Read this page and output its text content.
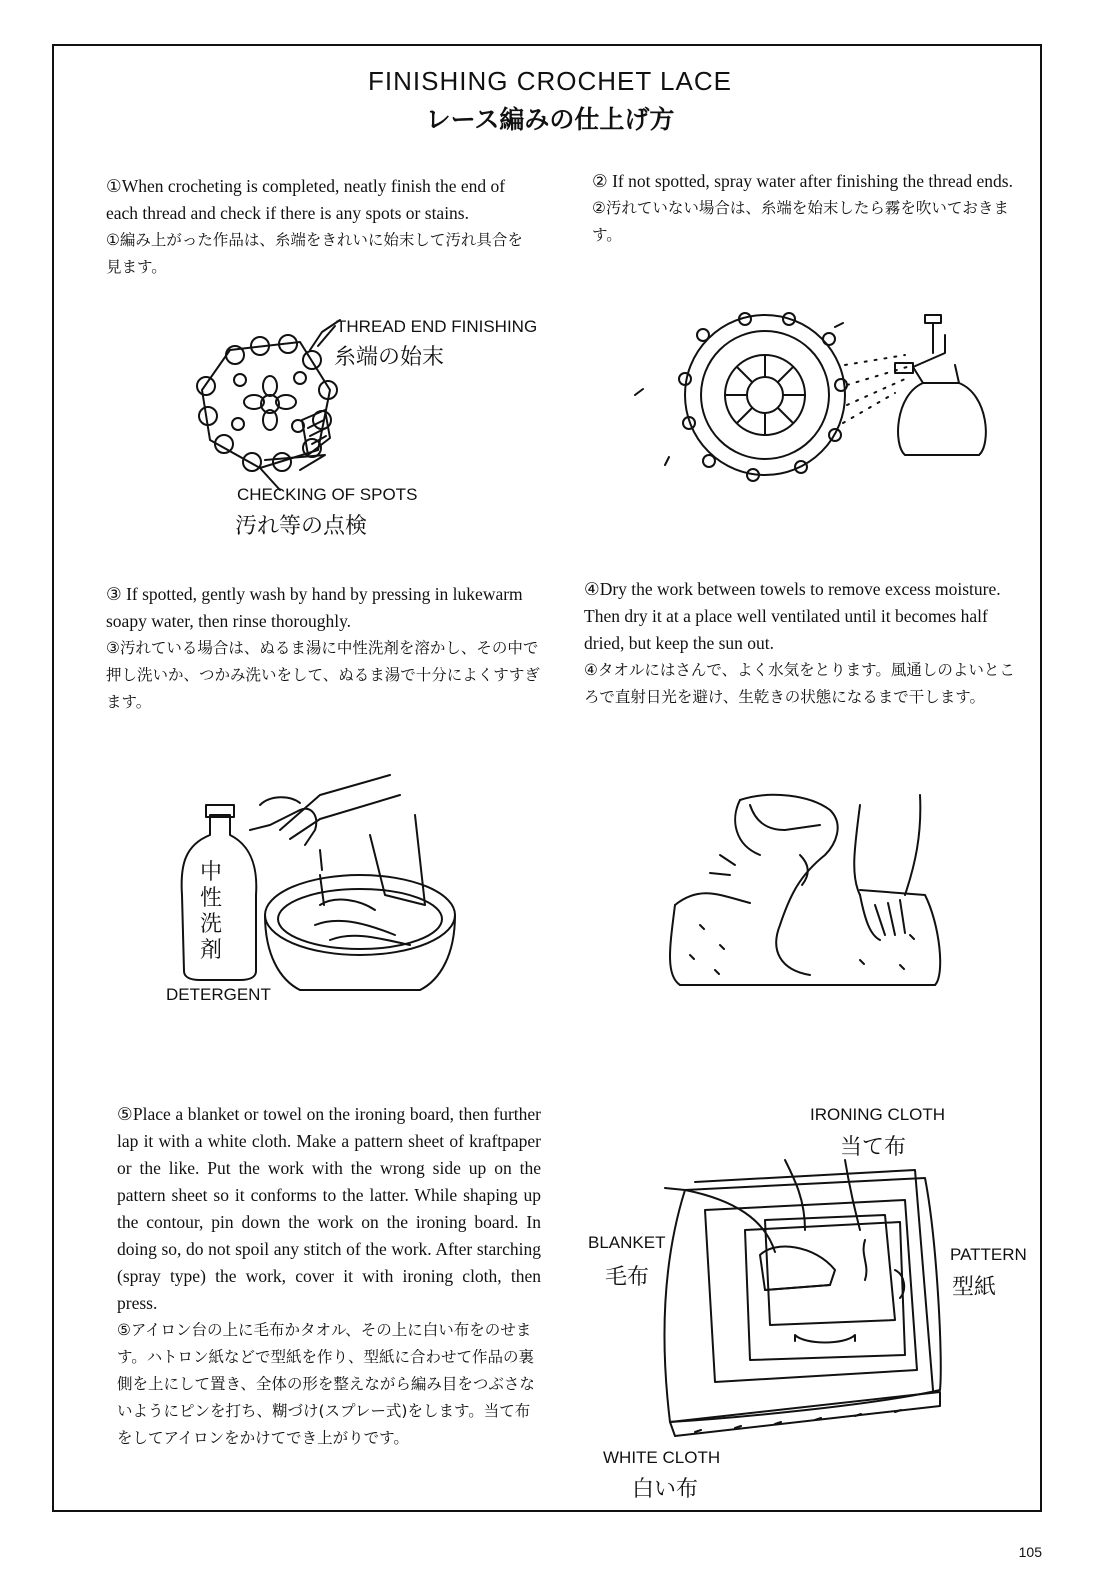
FINISHING CROCHET LACE
レース編みの仕上げ方

①When crocheting is completed, neatly finish the end of each thread and check if there is any spots or stains.

①編み上がった作品は、糸端をきれいに始末して汚れ具合を見ます。

② If not spotted, spray water after finishing the thread ends.

②汚れていない場合は、糸端を始末したら霧を吹いておきます。

THREAD END FINISHING
糸端の始末
CHECKING OF SPOTS
汚れ等の点検

③ If spotted, gently wash by hand by pressing in lukewarm soapy water, then rinse thoroughly.

③汚れている場合は、ぬるま湯に中性洗剤を溶かし、その中で押し洗いか、つかみ洗いをして、ぬるま湯で十分によくすすぎます。

④Dry the work between towels to remove excess moisture. Then dry it at a place well ventilated until it becomes half dried, but keep the sun out.

④タオルにはさんで、よく水気をとります。風通しのよいところで直射日光を避け、生乾きの状態になるまで干します。

中性洗剤
DETERGENT

⑤Place a blanket or towel on the ironing board, then further lap it with a white cloth. Make a pattern sheet of kraftpaper or the like. Put the work with the wrong side up on the pattern sheet so it conforms to the latter. While shaping up the contour, pin down the work on the ironing board. In doing so, do not spoil any stitch of the work. After starching (spray type) the work, cover it with ironing cloth, then press.

⑤アイロン台の上に毛布かタオル、その上に白い布をのせます。ハトロン紙などで型紙を作り、型紙に合わせて作品の裏側を上にして置き、全体の形を整えながら編み目をつぶさないようにピンを打ち、糊づけ(スプレー式)をします。当て布をしてアイロンをかけてでき上がりです。

IRONING CLOTH
当て布
BLANKET
毛布
PATTERN
型紙
WHITE CLOTH
白い布
105
